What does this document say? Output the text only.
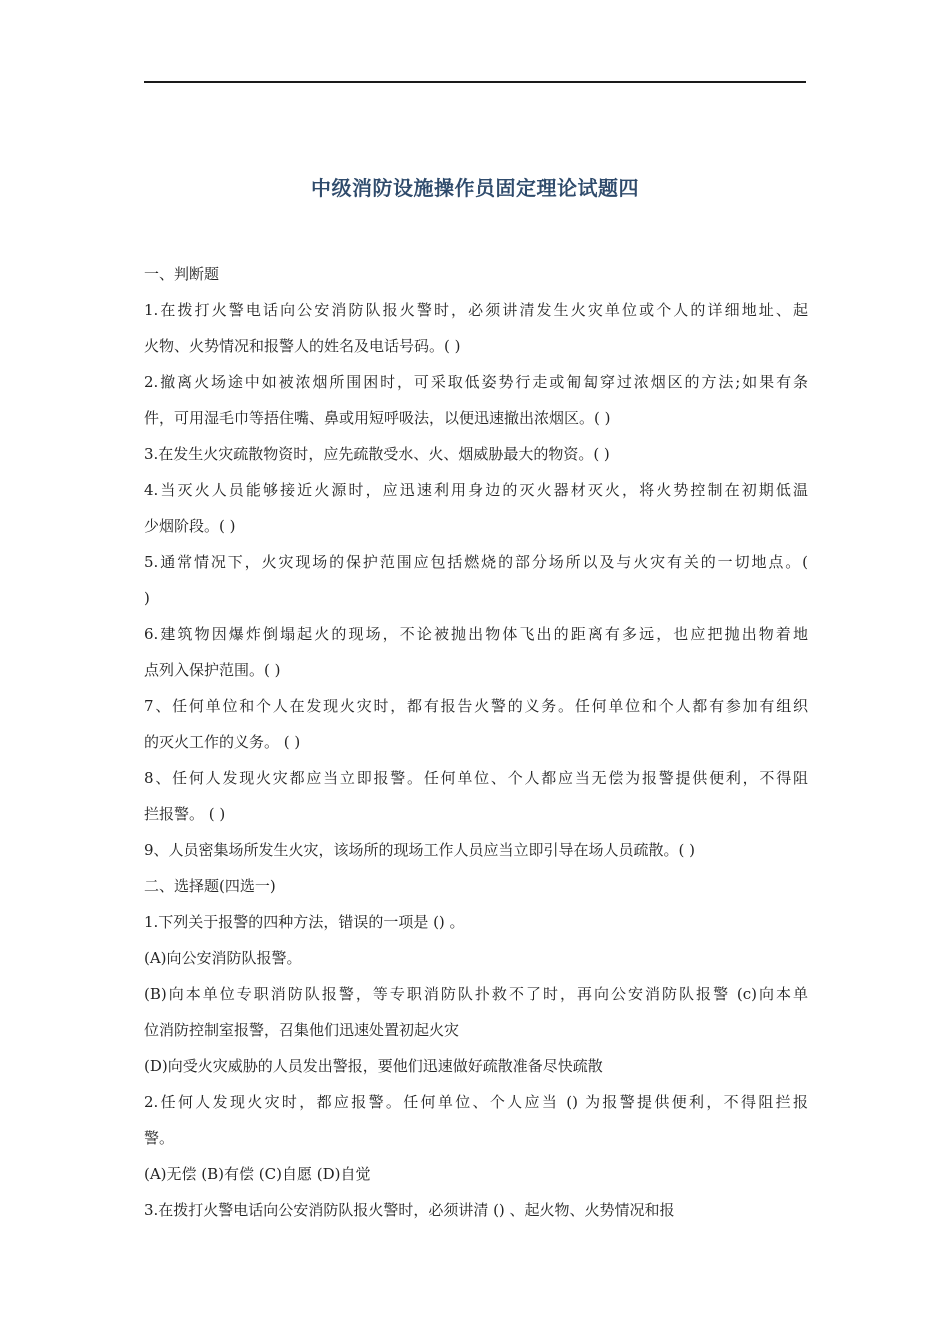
中级消防设施操作员固定理论试题四
一、判断题
1.在拨打火警电话向公安消防队报火警时，必须讲清发生火灾单位或个人的详细地址、起
火物、火势情况和报警人的姓名及电话号码。( )
2.撤离火场途中如被浓烟所围困时，可采取低姿势行走或匍匐穿过浓烟区的方法;如果有条
件，可用湿毛巾等捂住嘴、鼻或用短呼吸法，以便迅速撤出浓烟区。( )
3.在发生火灾疏散物资时，应先疏散受水、火、烟威胁最大的物资。( )
4.当灭火人员能够接近火源时，应迅速利用身边的灭火器材灭火，将火势控制在初期低温
少烟阶段。( )
5.通常情况下，火灾现场的保护范围应包括燃烧的部分场所以及与火灾有关的一切地点。(
)
6.建筑物因爆炸倒塌起火的现场，不论被抛出物体飞出的距离有多远，也应把抛出物着地
点列入保护范围。( )
7、任何单位和个人在发现火灾时，都有报告火警的义务。任何单位和个人都有参加有组织
的灭火工作的义务。 ( )
8、任何人发现火灾都应当立即报警。任何单位、个人都应当无偿为报警提供便利，不得阻
拦报警。 ( )
9、人员密集场所发生火灾，该场所的现场工作人员应当立即引导在场人员疏散。( )
二、选择题(四选一)
1.下列关于报警的四种方法，错误的一项是 () 。
(A)向公安消防队报警。
(B)向本单位专职消防队报警，等专职消防队扑救不了时，再向公安消防队报警 (c)向本单
位消防控制室报警，召集他们迅速处置初起火灾
(D)向受火灾威胁的人员发出警报，要他们迅速做好疏散准备尽快疏散
2.任何人发现火灾时，都应报警。任何单位、个人应当 () 为报警提供便利，不得阻拦报
警。
(A)无偿 (B)有偿 (C)自愿 (D)自觉
3.在拨打火警电话向公安消防队报火警时，必须讲清 () 、起火物、火势情况和报
